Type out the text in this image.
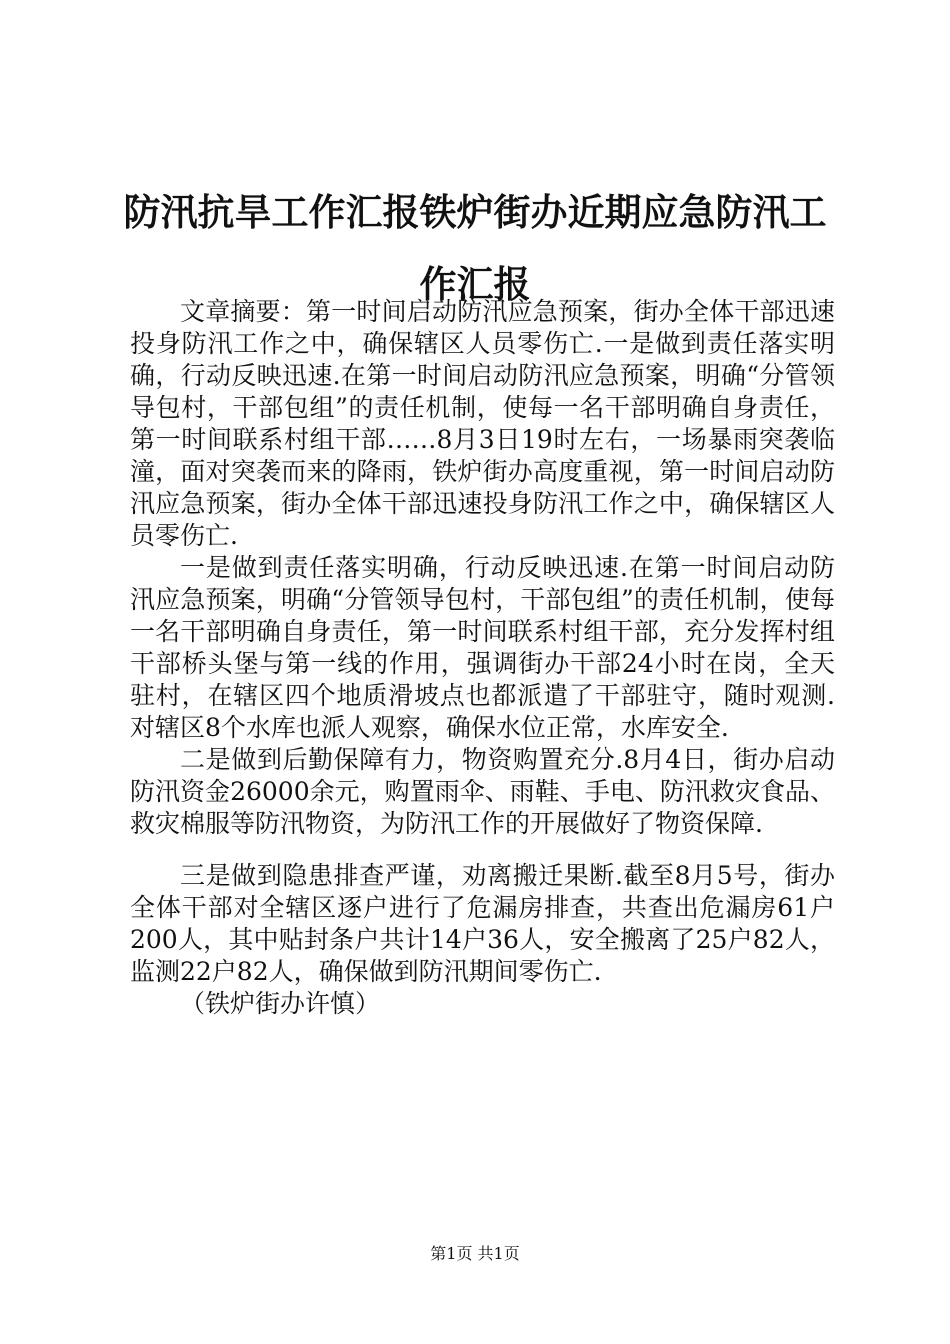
防汛抗旱工作汇报铁炉街办近期应急防汛工作汇报

文章摘要：第一时间启动防汛应急预案，街办全体干部迅速投身防汛工作之中，确保辖区人员零伤亡.一是做到责任落实明确，行动反映迅速.在第一时间启动防汛应急预案，明确“分管领导包村，干部包组”的责任机制，使每一名干部明确自身责任，第一时间联系村组干部……8月3日19时左右，一场暴雨突袭临潼，面对突袭而来的降雨，铁炉街办高度重视，第一时间启动防汛应急预案，街办全体干部迅速投身防汛工作之中，确保辖区人员零伤亡.

一是做到责任落实明确，行动反映迅速.在第一时间启动防汛应急预案，明确“分管领导包村，干部包组”的责任机制，使每一名干部明确自身责任，第一时间联系村组干部，充分发挥村组干部桥头堡与第一线的作用，强调街办干部24小时在岗，全天驻村，在辖区四个地质滑坡点也都派遣了干部驻守，随时观测.对辖区8个水库也派人观察，确保水位正常，水库安全.

二是做到后勤保障有力，物资购置充分.8月4日，街办启动防汛资金26000余元，购置雨伞、雨鞋、手电、防汛救灾食品、救灾棉服等防汛物资，为防汛工作的开展做好了物资保障.

三是做到隐患排查严谨，劝离搬迁果断.截至8月5号，街办全体干部对全辖区逐户进行了危漏房排查，共查出危漏房61户200人，其中贴封条户共计14户36人，安全搬离了25户82人，监测22户82人，确保做到防汛期间零伤亡.

（铁炉街办许慎）

第1页 共1页
